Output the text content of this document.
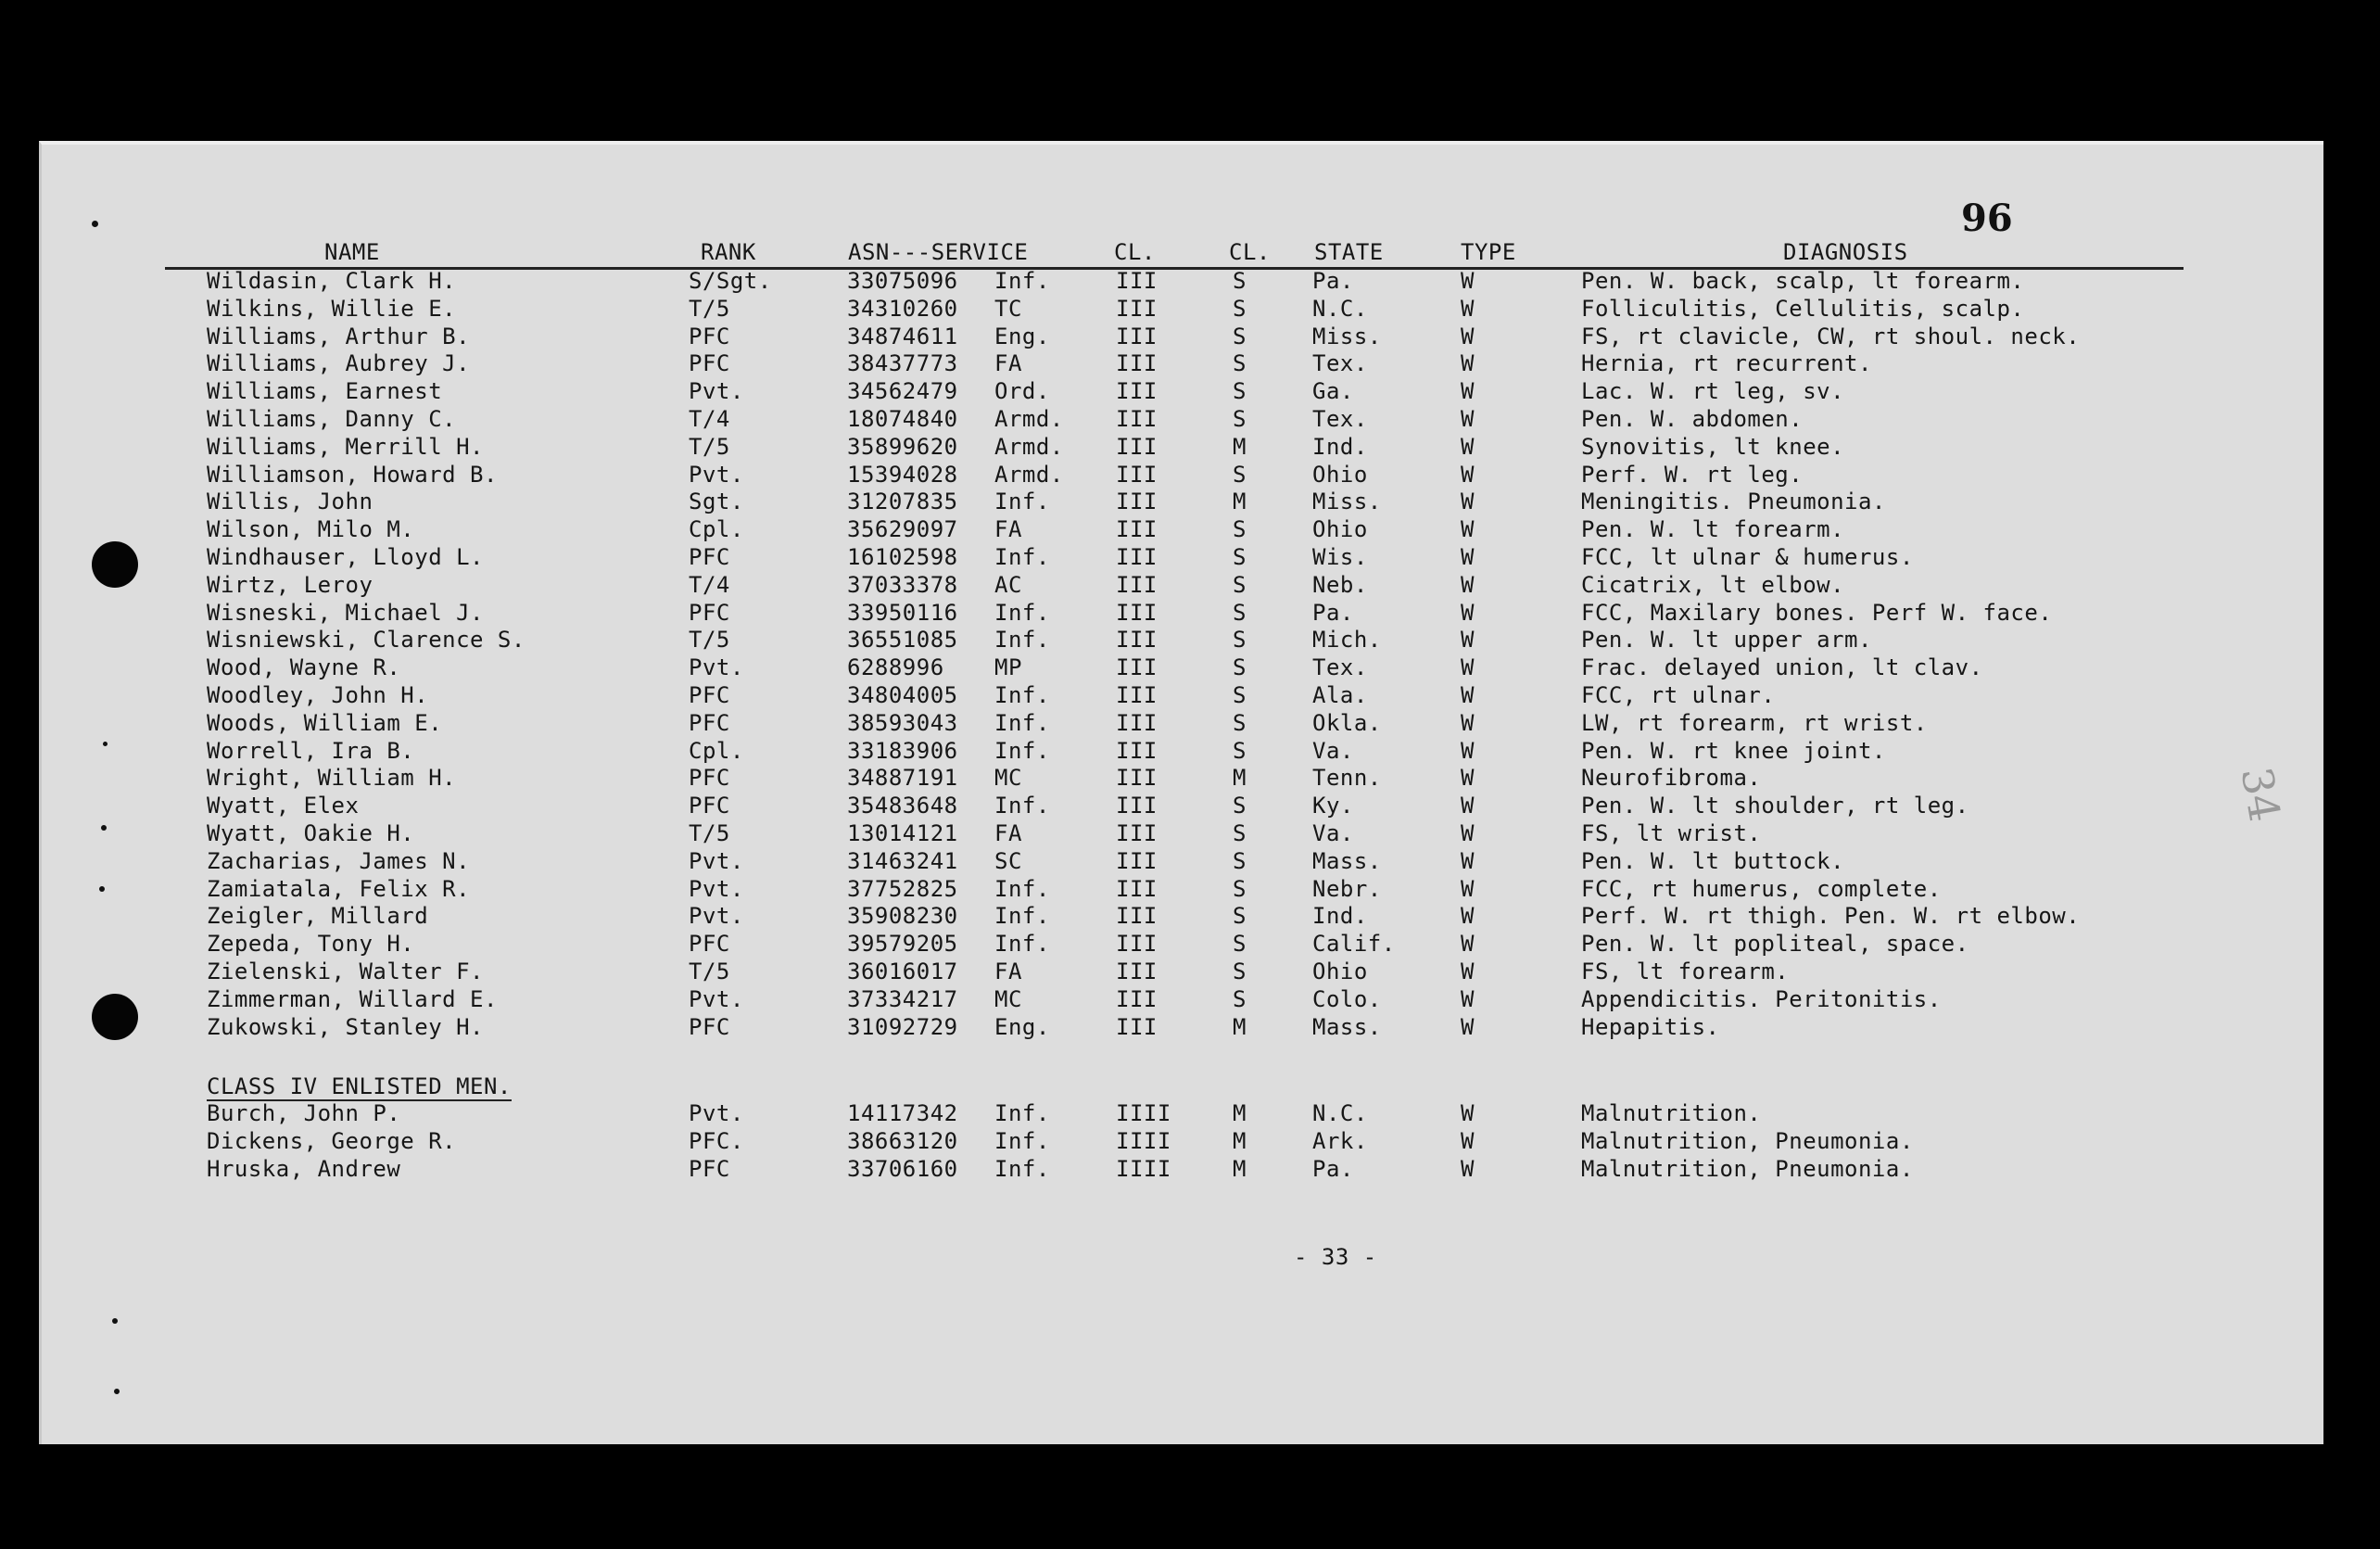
96
NAME	RANK	ASN---SERVICE	CL.	CL. STATE	TYPE	DIAGNOSIS
Wildasin, Clark H.	S/Sgt.	33075096 Inf.	III	S	Pa.	W	Pen. W. back, scalp, lt forearm.
Wilkins, Willie E.	T/5	34310260 TC	III	S	N.C.	W	Folliculitis, Cellulitis, scalp.
Williams, Arthur B.	PFC	34874611 Eng.	III	S	Miss.	W	FS, rt clavicle, CW, rt shoul. neck.
Williams, Aubrey J.	PFC	38437773 FA	III	S	Tex.	W	Hernia, rt recurrent.
Williams, Earnest	Pvt.	34562479 Ord.	III	S	Ga.	W	Lac. W. rt leg, sv.
Williams, Danny C.	T/4	18074840 Armd. III	S	Tex.	W	Pen. W. abdomen.
Williams, Merrill H.	T/5	35899620 Armd. III	M	Ind.	W	Synovitis, lt knee.
Williamson, Howard B.	Pvt.	15394028 Armd. III	S	Ohio	W	Perf. W. rt leg.
Willis, John	Sgt.	31207835 Inf.	III	M	Miss.	W	Meningitis. Pneumonia.
Wilson, Milo M.	Cpl.	35629097 FA	III	S	Ohio	W	Pen. W. lt forearm.
Windhauser, Lloyd L.	PFC	16102598 Inf.	III	S	Wis.	W	FCC, lt ulnar & humerus.
Wirtz, Leroy	T/4	37033378 AC	III	S	Neb.	W	Cicatrix, lt elbow.
Wisneski, Michael J.	PFC	33950116 Inf.	III	S	Pa.	W	FCC, Maxilary bones. Perf W. face.
Wisniewski, Clarence S.	T/5	36551085 Inf.	III	S	Mich.	W	Pen. W. lt upper arm.
Wood, Wayne R.	Pvt.	6288996 MP	III	S	Tex.	W	Frac. delayed union, lt clav.
Woodley, John H.	PFC	34804005 Inf.	III	S	Ala.	W	FCC, rt ulnar.
Woods, William E.	PFC	38593043 Inf.	III	S	Okla.	W	LW, rt forearm, rt wrist.
Worrell, Ira B.	Cpl.	33183906 Inf.	III	S	Va.	W	Pen. W. rt knee joint.
Wright, William H.	PFC	34887191 MC	III	M	Tenn.	W	Neurofibroma.
Wyatt, Elex	PFC	35483648 Inf.	III	S	Ky.	W	Pen. W. lt shoulder, rt leg.
Wyatt, Oakie H.	T/5	13014121 FA	III	S	Va.	W	FS, lt wrist.
Zacharias, James N.	Pvt.	31463241 SC	III	S	Mass.	W	Pen. W. lt buttock.
Zamiatala, Felix R.	Pvt.	37752825 Inf.	III	S	Nebr.	W	FCC, rt humerus, complete.
Zeigler, Millard	Pvt.	35908230 Inf.	III	S	Ind.	W	Perf. W. rt thigh. Pen. W. rt elbow.
Zepeda, Tony H.	PFC	39579205 Inf.	III	S	Calif.	W	Pen. W. lt popliteal, space.
Zielenski, Walter F.	T/5	36016017 FA	III	S	Ohio	W	FS, lt forearm.
Zimmerman, Willard E.	Pvt.	37334217 MC	III	S	Colo.	W	Appendicitis. Peritonitis.
Zukowski, Stanley H.	PFC	31092729 Eng.	III	M	Mass.	W	Hepapitis.
CLASS IV ENLISTED MEN.
Burch, John P.	Pvt.	14117342 Inf.	IIII	M	N.C.	W	Malnutrition.
Dickens, George R.	PFC.	38663120 Inf.	IIII	M	Ark.	W	Malnutrition, Pneumonia.
Hruska, Andrew	PFC	33706160 Inf.	IIII	M	Pa.	W	Malnutrition, Pneumonia.
- 33 -
34
